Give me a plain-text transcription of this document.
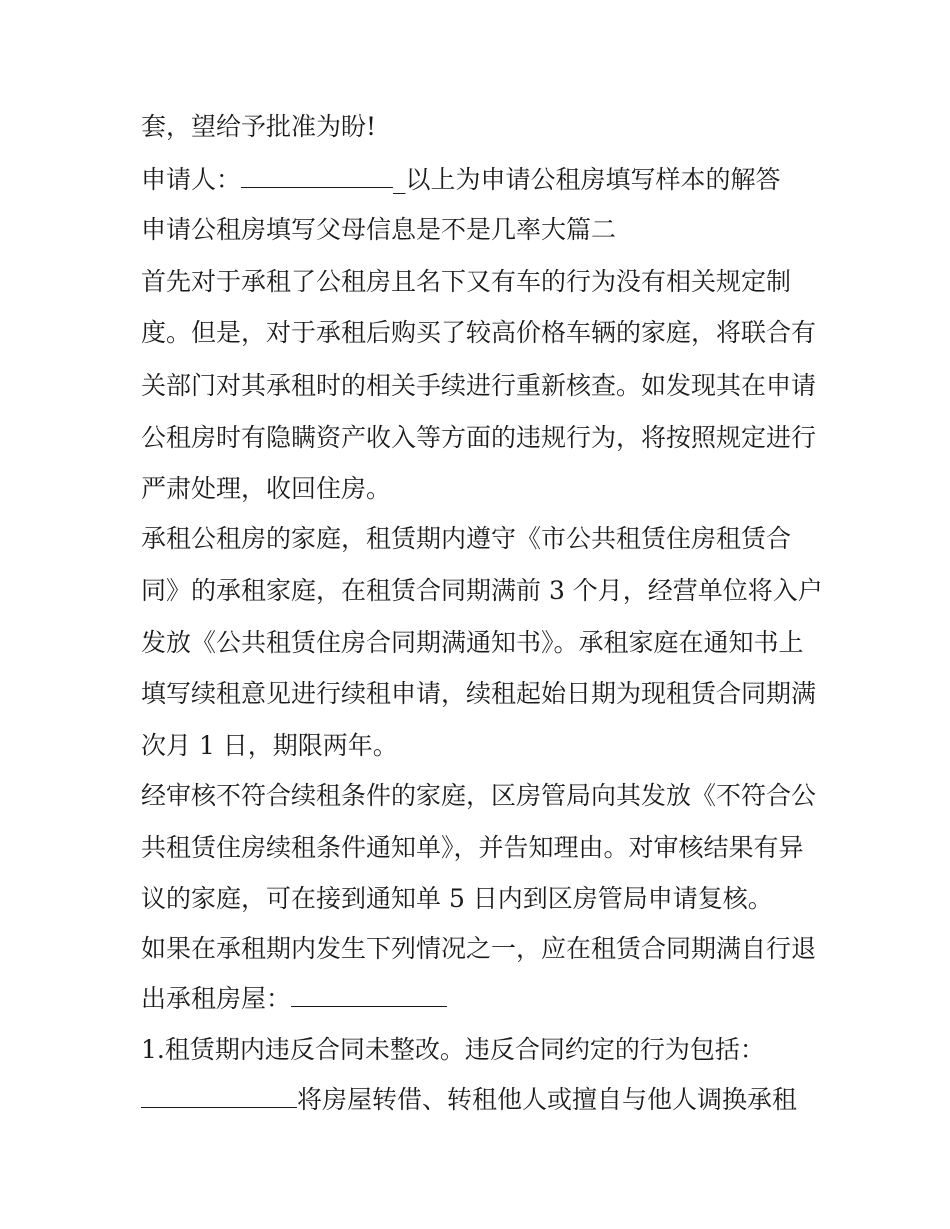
套，望给予批准为盼!
申请人：	_以上为申请公租房填写样本的解答
申请公租房填写父母信息是不是几率大篇二
首先对于承租了公租房且名下又有车的行为没有相关规定制
度。但是，对于承租后购买了较高价格车辆的家庭，将联合有
关部门对其承租时的相关手续进行重新核查。如发现其在申请
公租房时有隐瞒资产收入等方面的违规行为，将按照规定进行
严肃处理，收回住房。
承租公租房的家庭，租赁期内遵守《市公共租赁住房租赁合
同》的承租家庭，在租赁合同期满前 3 个月，经营单位将入户
发放《公共租赁住房合同期满通知书》。承租家庭在通知书上
填写续租意见进行续租申请，续租起始日期为现租赁合同期满
次月 1 日，期限两年。
经审核不符合续租条件的家庭，区房管局向其发放《不符合公
共租赁住房续租条件通知单》，并告知理由。对审核结果有异
议的家庭，可在接到通知单 5 日内到区房管局申请复核。
如果在承租期内发生下列情况之一，应在租赁合同期满自行退
出承租房屋：
1.租赁期内违反合同未整改。违反合同约定的行为包括：
将房屋转借、转租他人或擅自与他人调换承租
